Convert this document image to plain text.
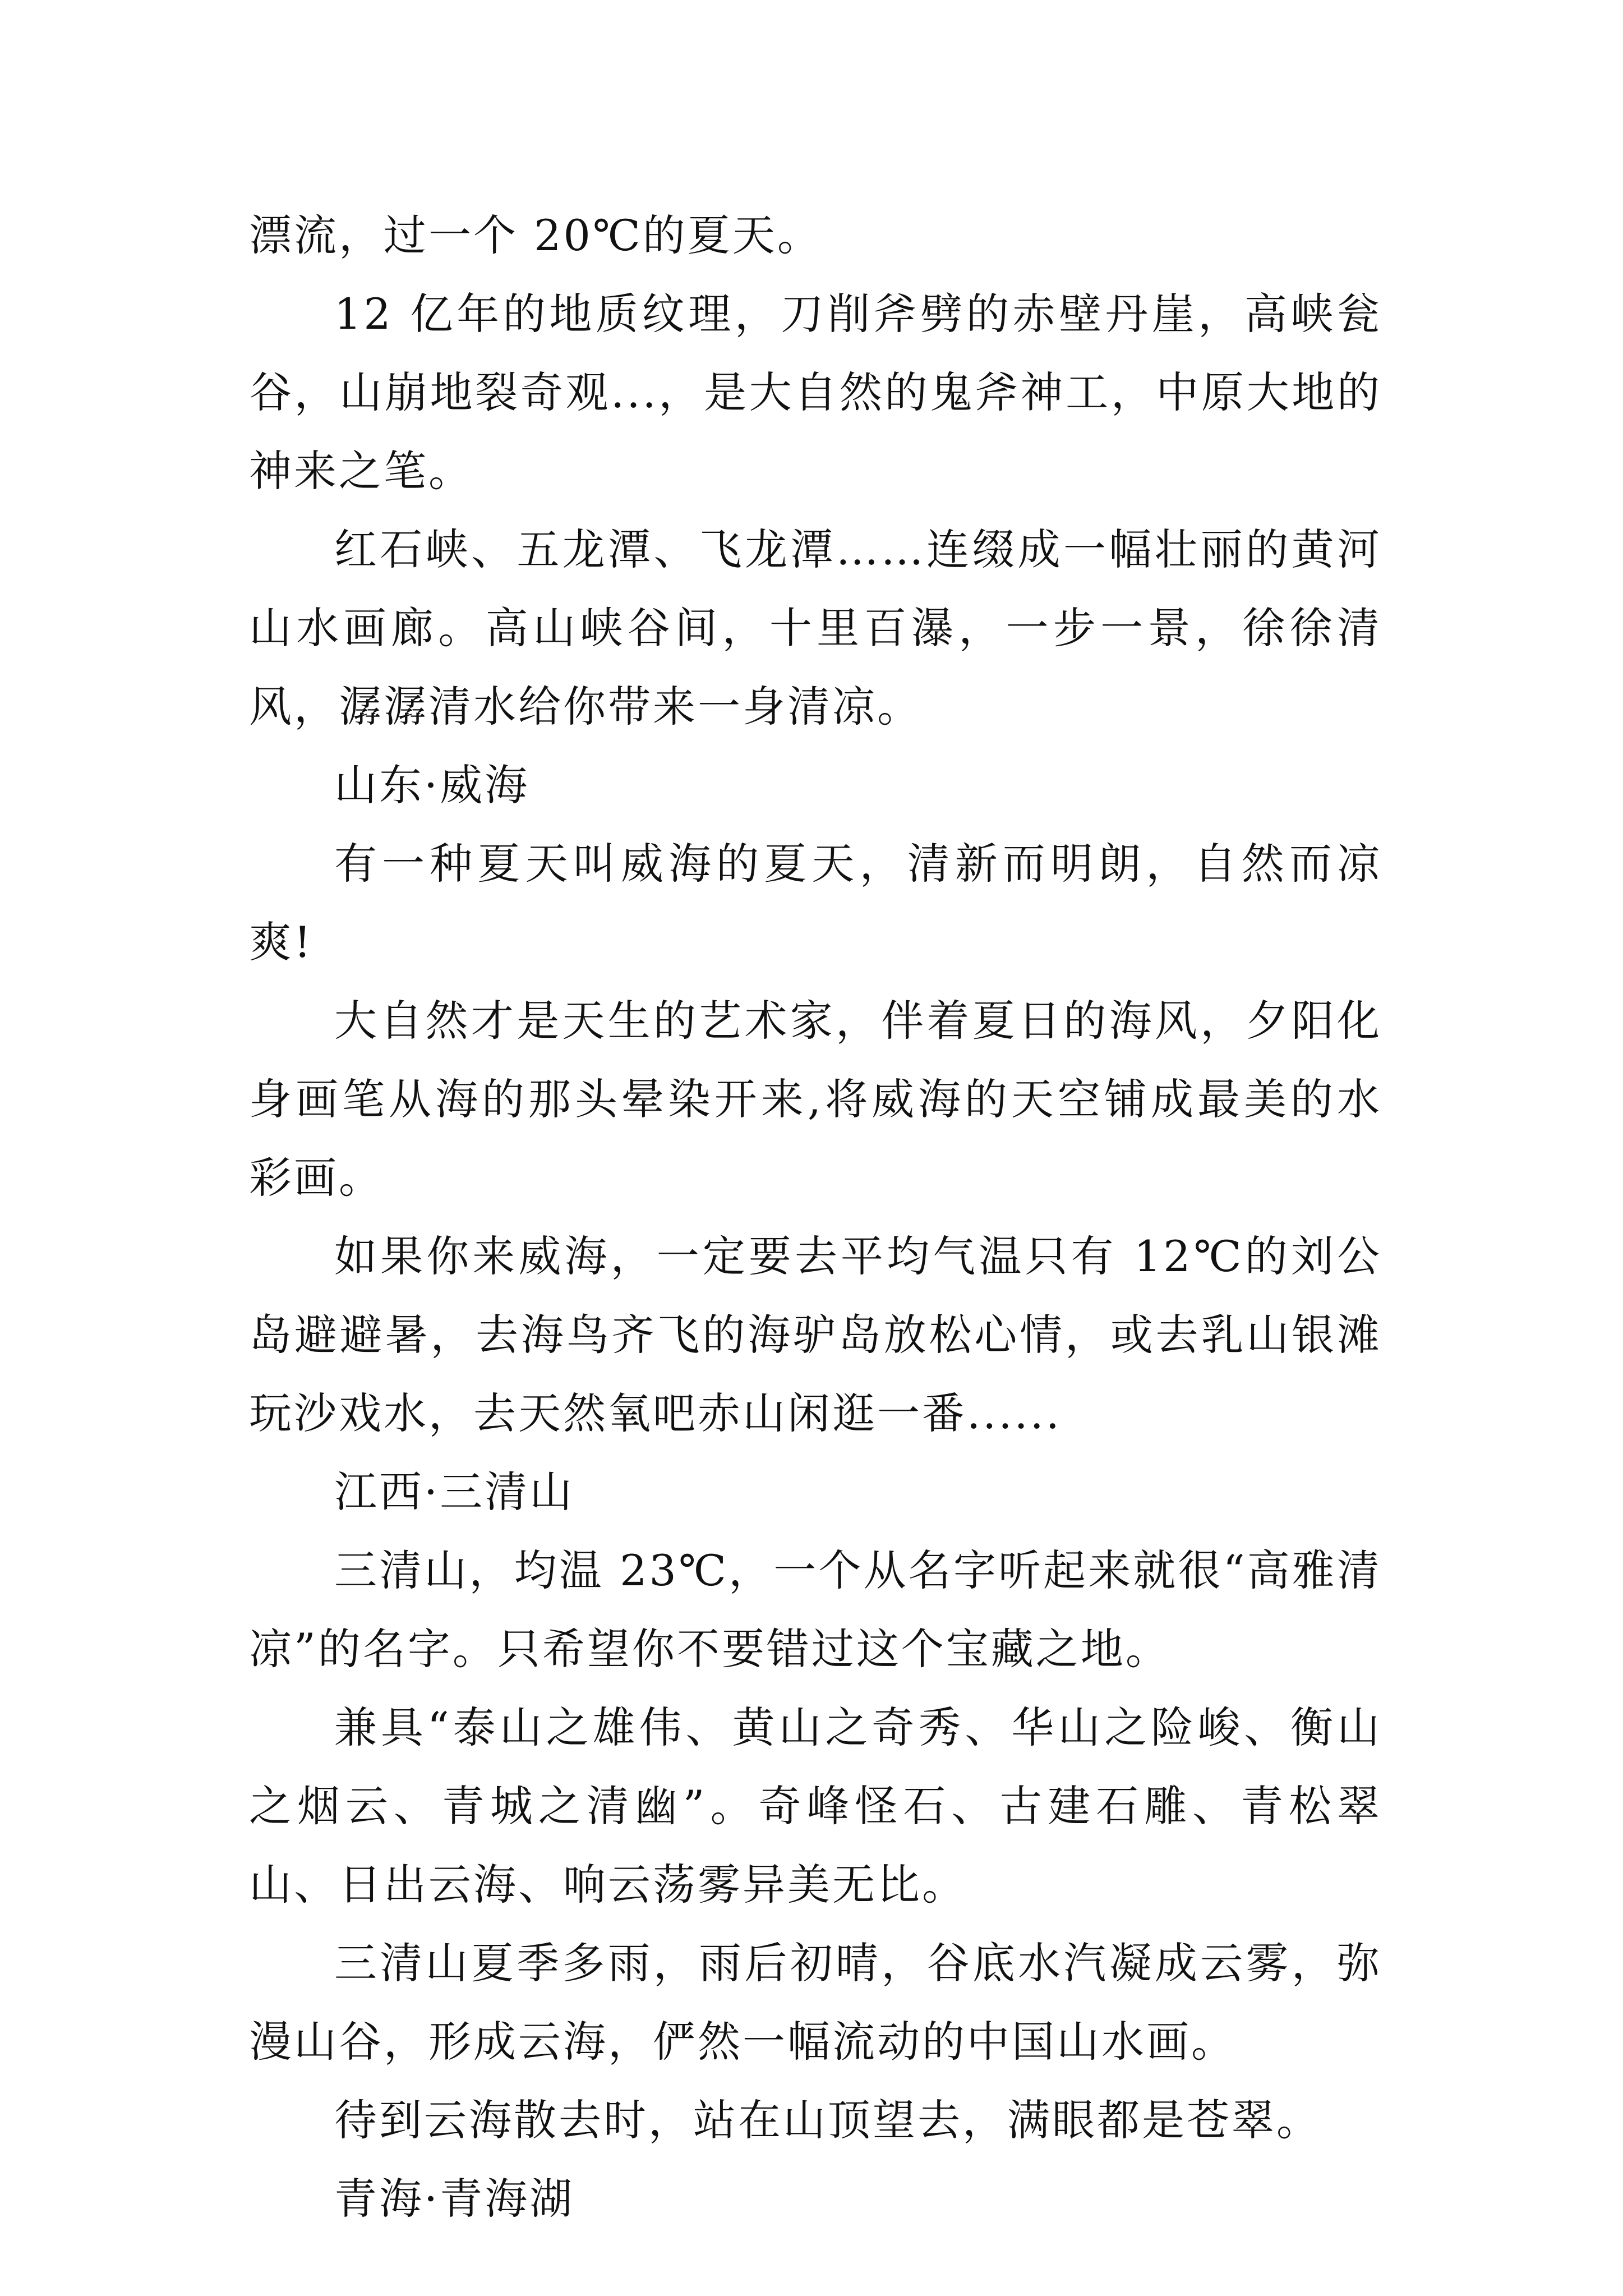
漂流，过一个 20℃的夏天。

12 亿年的地质纹理，刀削斧劈的赤壁丹崖，高峡瓮谷，山崩地裂奇观...，是大自然的鬼斧神工，中原大地的神来之笔。

红石峡、五龙潭、飞龙潭……连缀成一幅壮丽的黄河山水画廊。高山峡谷间，十里百瀑，一步一景，徐徐清风，潺潺清水给你带来一身清凉。

山东·威海

有一种夏天叫威海的夏天，清新而明朗，自然而凉爽!

大自然才是天生的艺术家，伴着夏日的海风，夕阳化身画笔从海的那头晕染开来,将威海的天空铺成最美的水彩画。

如果你来威海，一定要去平均气温只有 12℃的刘公岛避避暑，去海鸟齐飞的海驴岛放松心情，或去乳山银滩玩沙戏水，去天然氧吧赤山闲逛一番......

江西·三清山

三清山，均温 23℃，一个从名字听起来就很“高雅清凉”的名字。只希望你不要错过这个宝藏之地。

兼具“泰山之雄伟、黄山之奇秀、华山之险峻、衡山之烟云、青城之清幽”。奇峰怪石、古建石雕、青松翠山、日出云海、响云荡雾异美无比。

三清山夏季多雨，雨后初晴，谷底水汽凝成云雾，弥漫山谷，形成云海，俨然一幅流动的中国山水画。

待到云海散去时，站在山顶望去，满眼都是苍翠。

青海·青海湖
